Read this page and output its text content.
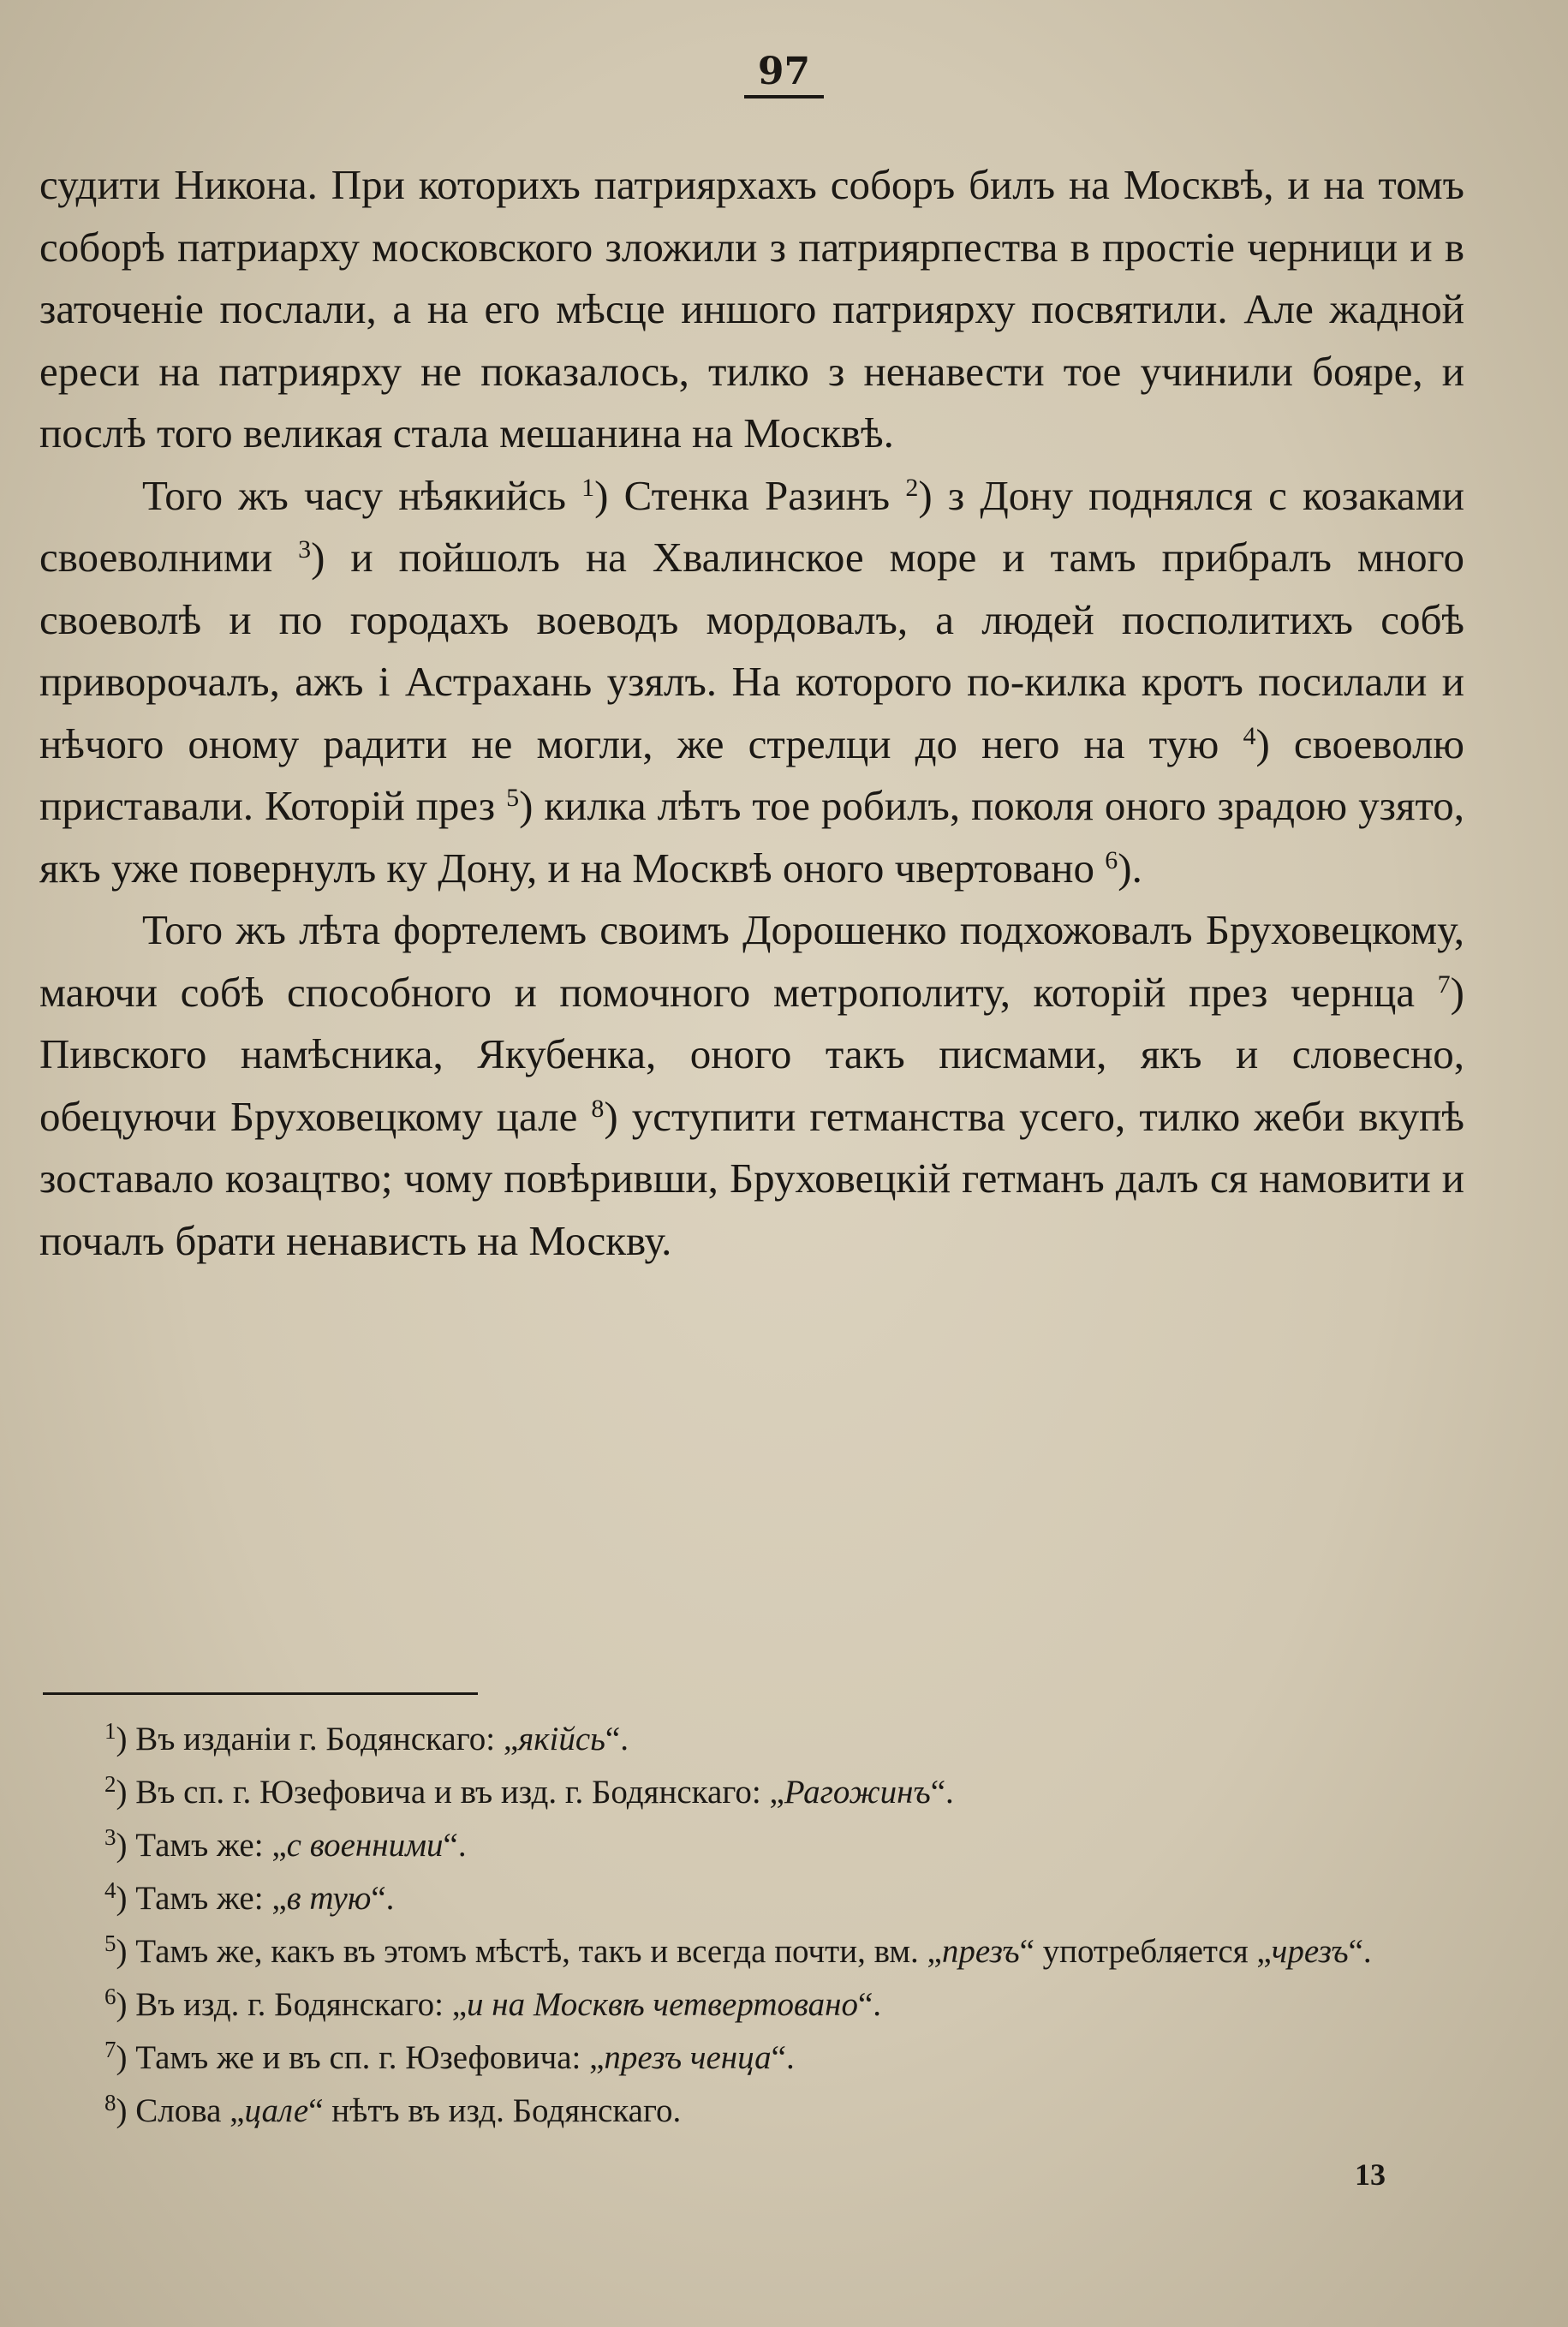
97

судити Никона. При которихъ патриярхахъ соборъ билъ на Москвѣ, и на томъ соборѣ патриарху московского зложили з патриярпества в простіе черници и в заточеніе послали, а на его мѣсце иншого патриярху посвятили. Але жадной ереси на патриярху не показалось, тилко з ненавести тое учинили бояре, и послѣ того великая стала мешанина на Москвѣ.

Того жъ часу нѣякийсь $^1$) Стенка Разинъ $^2$) з Дону поднялся с козаками своеволними $^3$) и пойшолъ на Хвалинское море и тамъ прибралъ много своеволѣ и по городахъ воеводъ мордовалъ, а людей посполитихъ собѣ приворочалъ, ажъ і Астрахань узялъ. На которого по-килка кротъ посилали и нѣчого оному радити не могли, же стрелци до него на тую $^4$) своеволю приставали. Которій през $^5$) килка лѣтъ тое робилъ, поколя оного зрадою узято, якъ уже повернулъ ку Дону, и на Москвѣ оного чвертовано $^6$).

Того жъ лѣта фортелемъ своимъ Дорошенко подхожовалъ Бруховецкому, маючи собѣ способного и помочного метрополиту, которій през чернца $^7$) Пивского намѣсника, Якубенка, оного такъ писмами, якъ и словесно, обецуючи Бруховецкому цале $^8$) уступити гетманства усего, тилко жеби вкупѣ зоставало козацтво; чому повѣривши, Бруховецкій гетманъ далъ ся намовити и почалъ брати ненависть на Москву.

$^1$) Въ изданіи г. Бодянскаго: „якійсь“.

$^2$) Въ сп. г. Юзефовича и въ изд. г. Бодянскаго: „Рагожинъ“.

$^3$) Тамъ же: „с военними“.

$^4$) Тамъ же: „в тую“.

$^5$) Тамъ же, какъ въ этомъ мѣстѣ, такъ и всегда почти, вм. „презъ“ употребляется „чрезъ“.

$^6$) Въ изд. г. Бодянскаго: „и на Москвѣ четвертовано“.

$^7$) Тамъ же и въ сп. г. Юзефовича: „презъ ченца“.

$^8$) Слова „цале“ нѣтъ въ изд. Бодянскаго.

13
